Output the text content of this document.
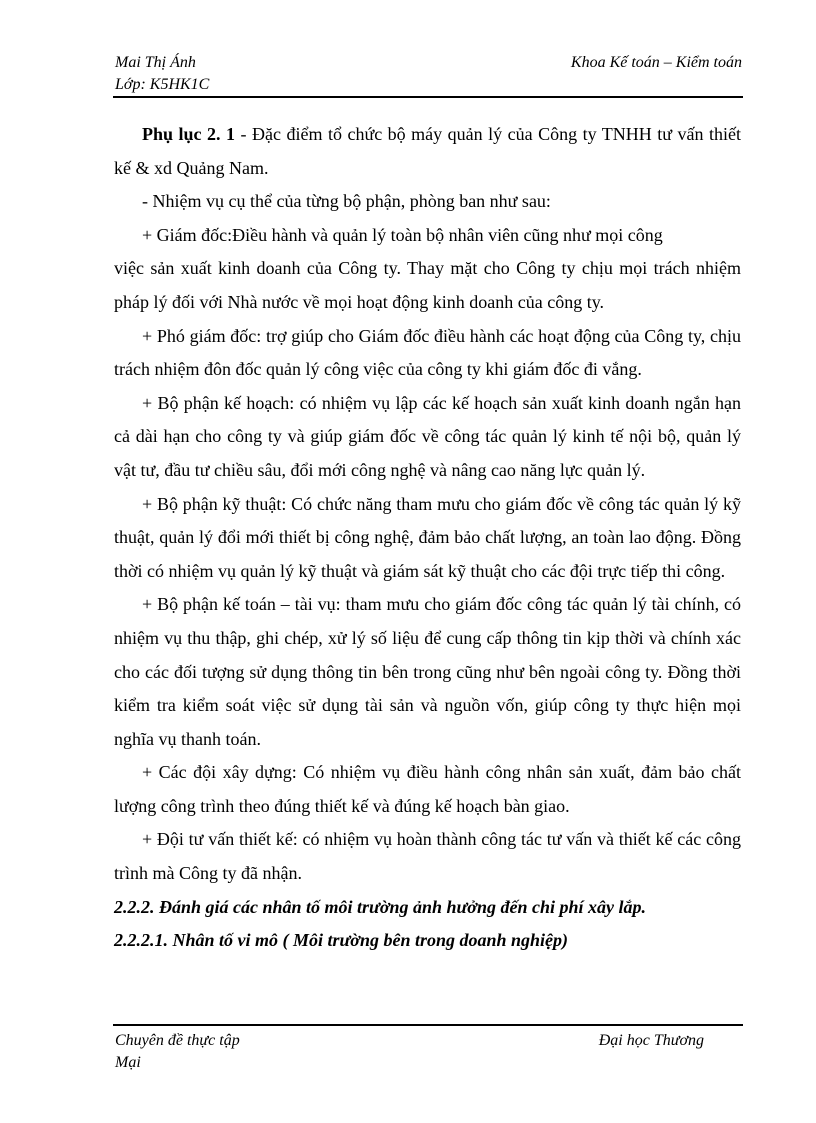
Mai Thị Ánh	Khoa Kế toán – Kiểm toán
Lớp: K5HK1C

Phụ lục 2. 1 - Đặc điểm tổ chức bộ máy quản lý của Công ty TNHH tư vấn thiết kế & xd Quảng Nam.

- Nhiệm vụ cụ thể của từng bộ phận, phòng ban như sau:

+ Giám đốc:Điều hành và quản lý toàn bộ nhân viên cũng như mọi công

việc sản xuất kinh doanh của Công ty. Thay mặt cho Công ty chịu mọi trách nhiệm pháp lý đối với Nhà nước về mọi hoạt động kinh doanh của công ty.

+ Phó giám đốc: trợ giúp cho Giám đốc điều hành các hoạt động của Công ty, chịu trách nhiệm đôn đốc quản lý công việc của công ty khi giám đốc đi vắng.

+ Bộ phận kế hoạch: có nhiệm vụ lập các kế hoạch sản xuất kinh doanh ngắn hạn cả dài hạn cho công ty và giúp giám đốc về công tác quản lý kinh tế nội bộ, quản lý vật tư, đầu tư chiều sâu, đổi mới công nghệ và nâng cao năng lực quản lý.

+ Bộ phận kỹ thuật: Có chức năng tham mưu cho giám đốc về công tác quản lý kỹ thuật, quản lý đổi mới thiết bị công nghệ, đảm bảo chất lượng, an toàn lao động. Đồng thời có nhiệm vụ quản lý kỹ thuật và giám sát kỹ thuật cho các đội trực tiếp thi công.

+ Bộ phận kế toán – tài vụ: tham mưu cho giám đốc công tác quản lý tài chính, có nhiệm vụ thu thập, ghi chép, xử lý số liệu để cung cấp thông tin kịp thời và chính xác cho các đối tượng sử dụng thông tin bên trong cũng như bên ngoài công ty. Đồng thời kiểm tra kiểm soát việc sử dụng tài sản và nguồn vốn, giúp công ty thực hiện mọi nghĩa vụ thanh toán.

+ Các đội xây dựng: Có nhiệm vụ điều hành công nhân sản xuất, đảm bảo chất lượng công trình theo đúng thiết kế và đúng kế hoạch bàn giao.

+ Đội tư vấn thiết kế: có nhiệm vụ hoàn thành công tác tư vấn và thiết kế các công trình mà Công ty đã nhận.

2.2.2. Đánh giá các nhân tố môi trường ảnh hưởng đến chi phí xây lắp.

2.2.2.1. Nhân tố vi mô ( Môi trường bên trong doanh nghiệp)

Chuyên đề thực tập	Đại học Thương
Mại
